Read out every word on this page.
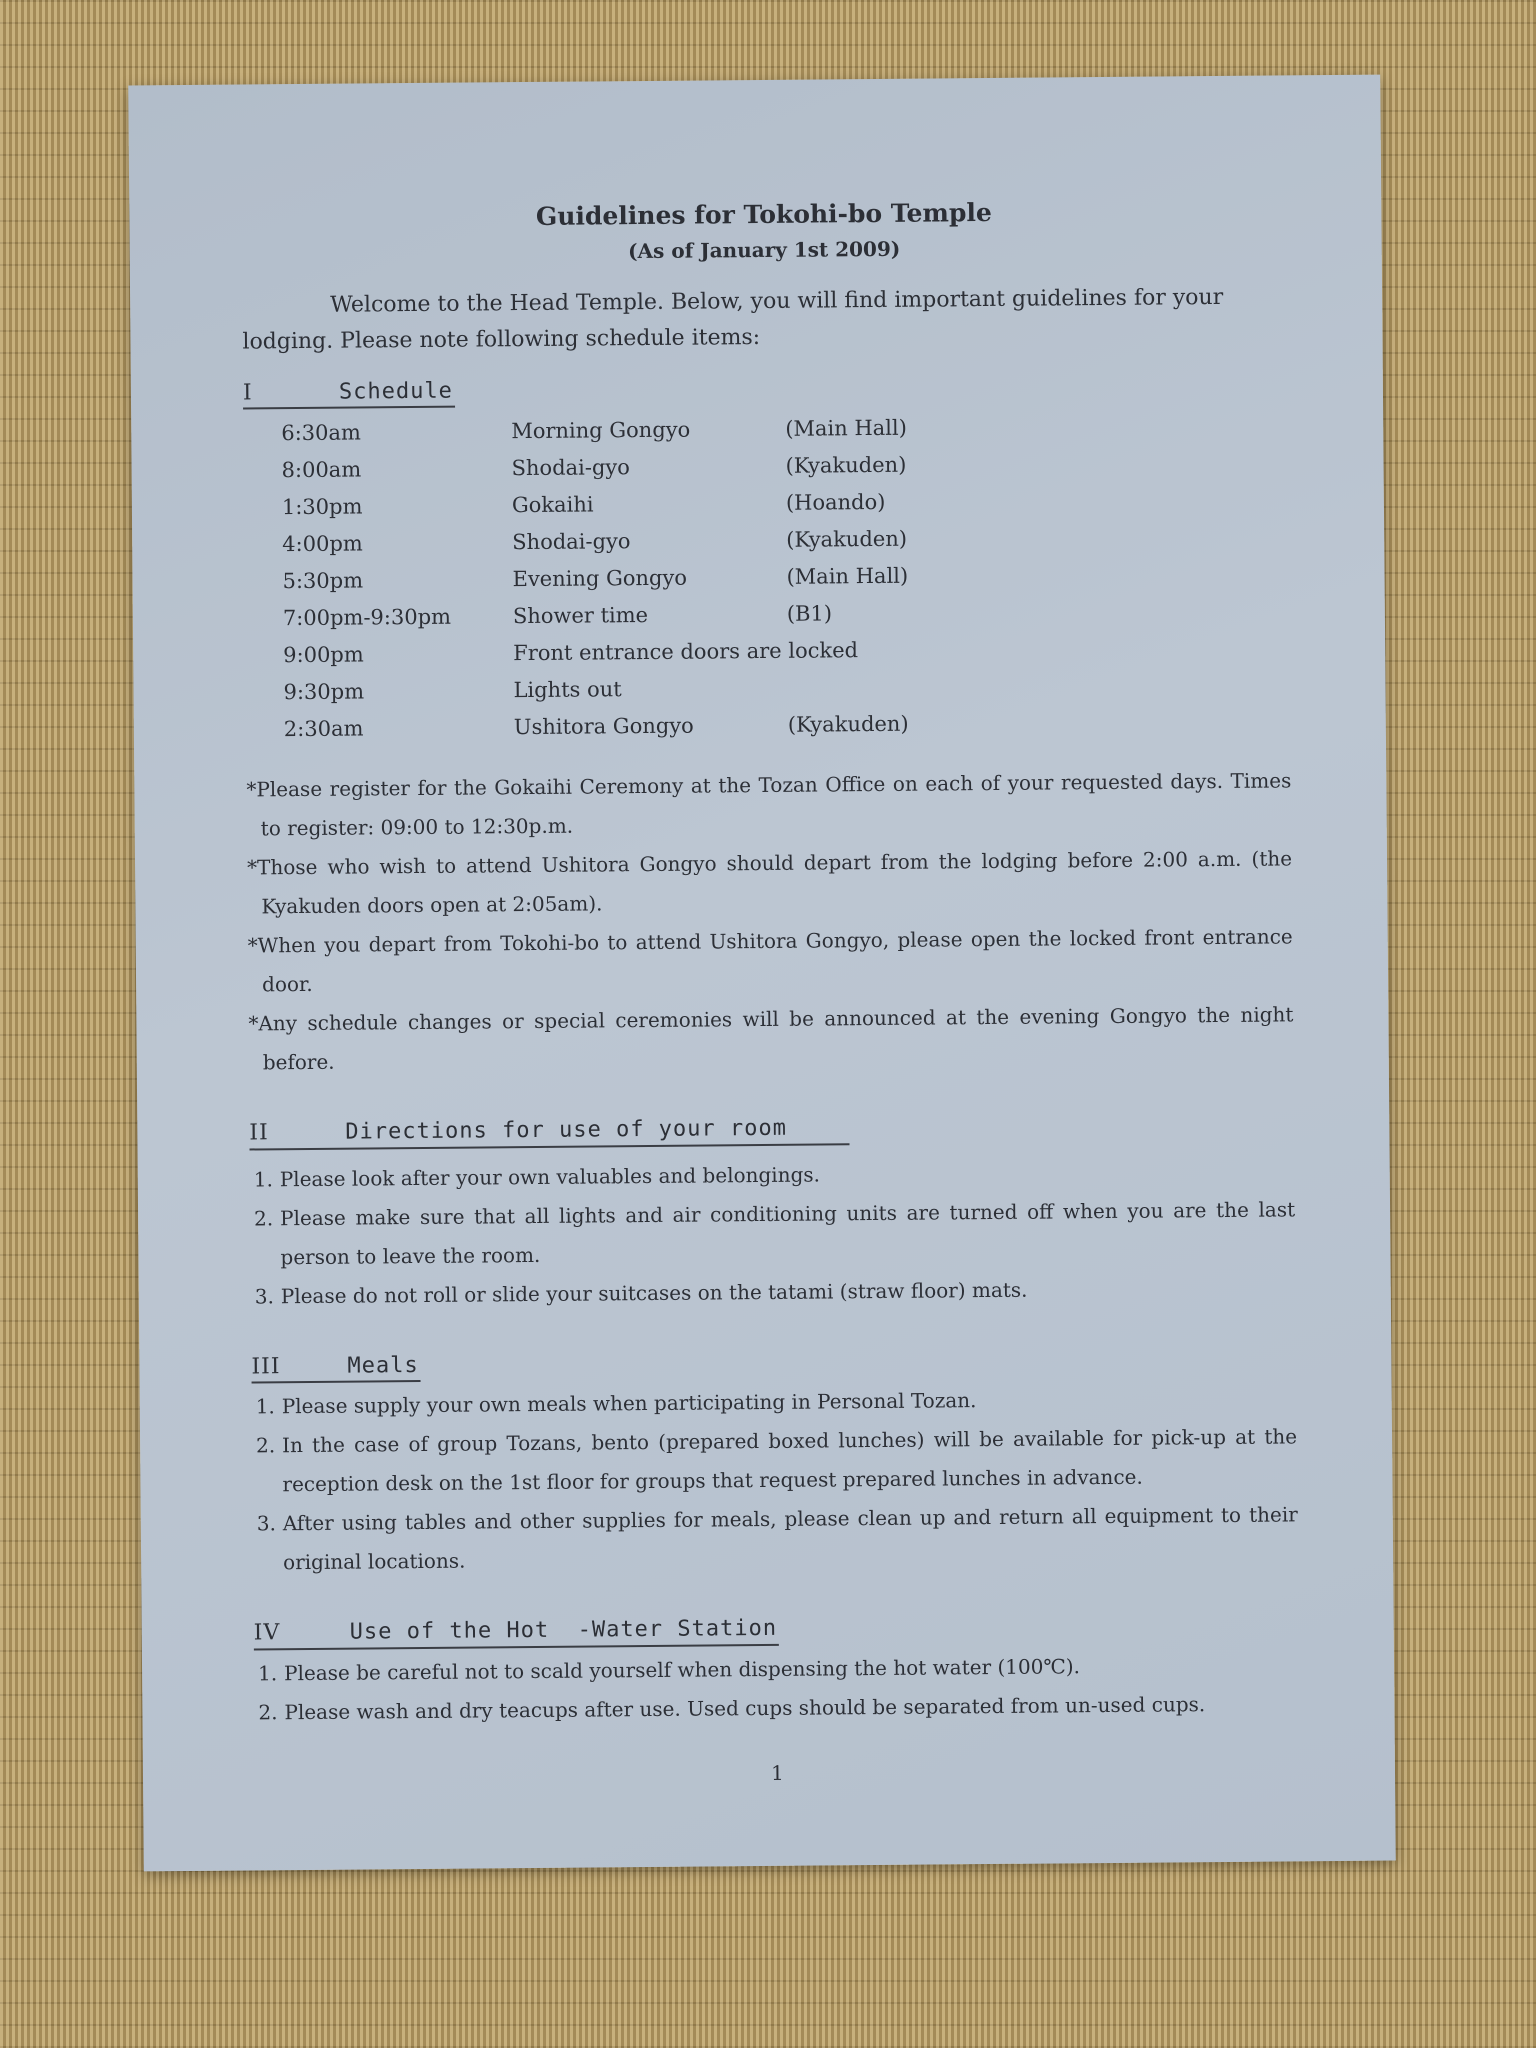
Guidelines for Tokohi-bo Temple

(As of January 1st 2009)

Welcome to the Head Temple. Below, you will find important guidelines for your lodging. Please note following schedule items:

I	Schedule
6:30am	Morning Gongyo	(Main Hall)
8:00am	Shodai-gyo	(Kyakuden)
1:30pm	Gokaihi	(Hoando)
4:00pm	Shodai-gyo	(Kyakuden)
5:30pm	Evening Gongyo	(Main Hall)
7:00pm-9:30pm	Shower time	(B1)
9:00pm	Front entrance doors are locked
9:30pm	Lights out
2:30am	Ushitora Gongyo	(Kyakuden)

*Please register for the Gokaihi Ceremony at the Tozan Office on each of your requested days. Times to register: 09:00 to 12:30p.m.

*Those who wish to attend Ushitora Gongyo should depart from the lodging before 2:00 a.m. (the Kyakuden doors open at 2:05am).

*When you depart from Tokohi-bo to attend Ushitora Gongyo, please open the locked front entrance door.

*Any schedule changes or special ceremonies will be announced at the evening Gongyo the night before.

II	Directions for use of your room
1. Please look after your own valuables and belongings.
2. Please make sure that all lights and air conditioning units are turned off when you are the last person to leave the room.
3. Please do not roll or slide your suitcases on the tatami (straw floor) mats.
III	Meals
1. Please supply your own meals when participating in Personal Tozan.
2. In the case of group Tozans, bento (prepared boxed lunches) will be available for pick-up at the reception desk on the 1st floor for groups that request prepared lunches in advance.
3. After using tables and other supplies for meals, please clean up and return all equipment to their original locations.
IV	Use of the Hot  -Water Station
1. Please be careful not to scald yourself when dispensing the hot water (100℃).
2. Please wash and dry teacups after use. Used cups should be separated from un-used cups.
1
